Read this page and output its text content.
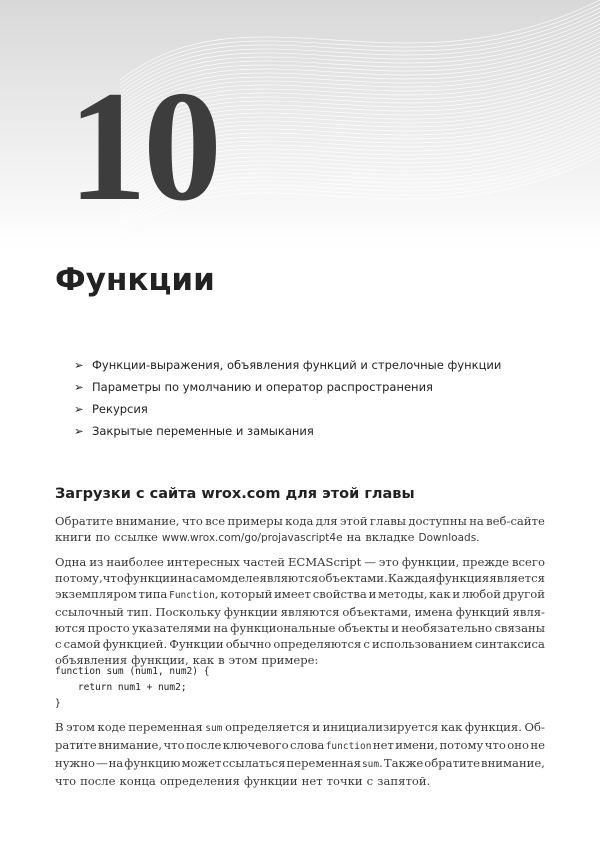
10
Функции
➢ Функции-выражения, объявления функций и стрелочные функции
➢ Параметры по умолчанию и оператор распространения
➢ Рекурсия
➢ Закрытые переменные и замыкания
Загрузки с сайта wrox.com для этой главы
Обратите внимание, что все примеры кода для этой главы доступны на веб-сайте
книги по ссылке www.wrox.com/go/projavascript4e на вкладке Downloads.
Одна из наиболее интересных частей ECMAScript — это функции, прежде всего
потому, что функции на самом деле являются объектами. Каждая функция является
экземпляром типа Function, который имеет свойства и методы, как и любой другой
ссылочный тип. Поскольку функции являются объектами, имена функций явля-
ются просто указателями на функциональные объекты и необязательно связаны
с самой функцией. Функции обычно определяются с использованием синтаксиса
объявления функции, как в этом примере:
function sum (num1, num2) {
return num1 + num2;
}
В этом коде переменная sum определяется и инициализируется как функция. Об-
ратите внимание, что после ключевого слова function нет имени, потому что оно не
нужно — на функцию может ссылаться переменная sum. Также обратите внимание,
что после конца определения функции нет точки с запятой.
